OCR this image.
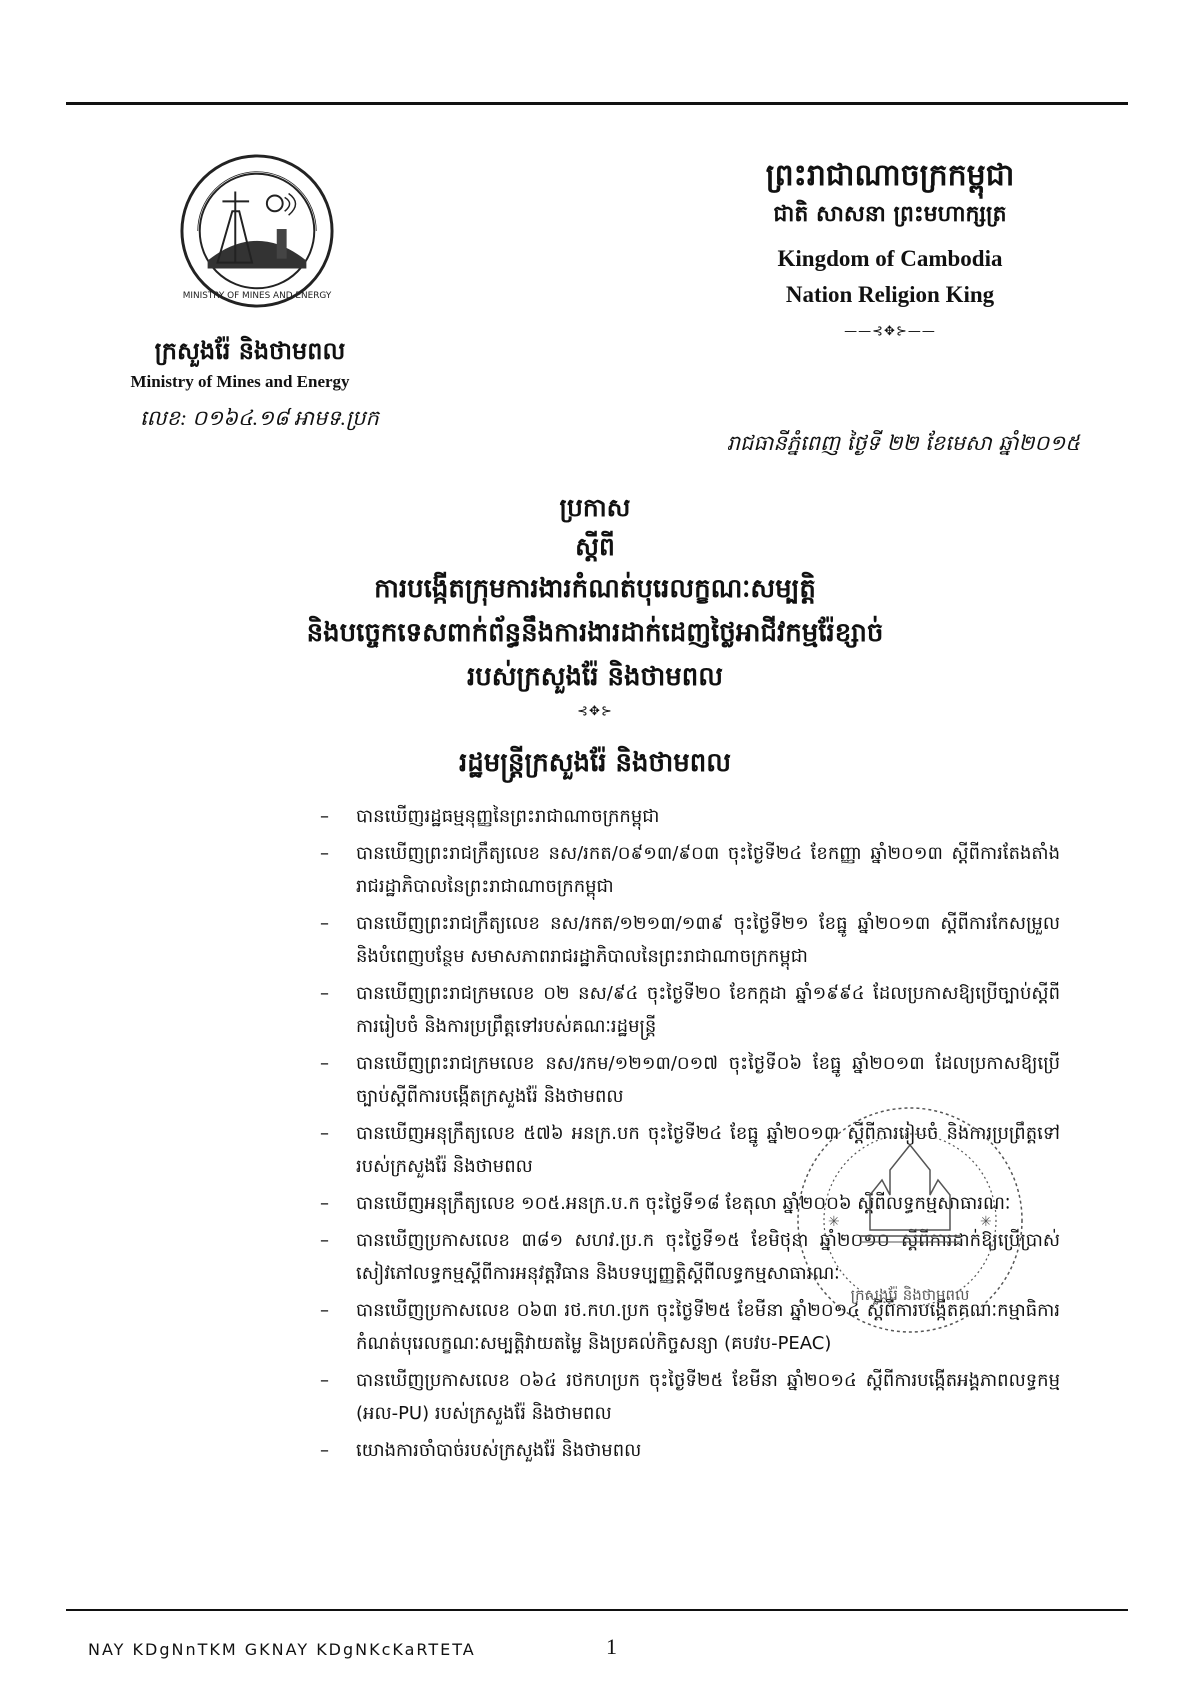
MINISTRY OF MINES AND ENERGY
ក្រសួងរ៉ែ និងថាមពល
Ministry of Mines and Energy
លេខ: ០១៦៤.១៨ អាមទ.ប្រក
ព្រះរាជាណាចក្រកម្ពុជា
ជាតិ សាសនា ព្រះមហាក្សត្រ
Kingdom of Cambodia
Nation Religion King
——⊰✥⊱——
រាជធានីភ្នំពេញ ថ្ងៃទី ២២ ខែមេសា ឆ្នាំ២០១៥
ប្រកាស
ស្តីពី
ការបង្កើតក្រុមការងារកំណត់បុរេលក្ខណៈសម្បត្តិ
និងបច្ចេកទេសពាក់ព័ន្ធនឹងការងារដាក់ដេញថ្លៃអាជីវកម្មរ៉ែខ្សាច់
របស់ក្រសួងរ៉ែ និងថាមពល
⊰✥⊱
រដ្ឋមន្ត្រីក្រសួងរ៉ែ និងថាមពល
– បានឃើញរដ្ឋធម្មនុញ្ញនៃព្រះរាជាណាចក្រកម្ពុជា
– បានឃើញព្រះរាជក្រឹត្យលេខ នស/រកត/០៩១៣/៩០៣ ចុះថ្ងៃទី២៤ ខែកញ្ញា ឆ្នាំ២០១៣ ស្តីពីការតែងតាំងរាជរដ្ឋាភិបាលនៃព្រះរាជាណាចក្រកម្ពុជា
– បានឃើញព្រះរាជក្រឹត្យលេខ នស/រកត/១២១៣/១៣៩ ចុះថ្ងៃទី២១ ខែធ្នូ ឆ្នាំ២០១៣ ស្តីពីការកែសម្រួល និងបំពេញបន្ថែម សមាសភាពរាជរដ្ឋាភិបាលនៃព្រះរាជាណាចក្រកម្ពុជា
– បានឃើញព្រះរាជក្រមលេខ ០២ នស/៩៤ ចុះថ្ងៃទី២០ ខែកក្កដា ឆ្នាំ១៩៩៤ ដែលប្រកាសឱ្យប្រើច្បាប់ស្តីពីការរៀបចំ និងការប្រព្រឹត្តទៅរបស់គណៈរដ្ឋមន្ត្រី
– បានឃើញព្រះរាជក្រមលេខ នស/រកម/១២១៣/០១៧ ចុះថ្ងៃទី០៦ ខែធ្នូ ឆ្នាំ២០១៣ ដែលប្រកាសឱ្យប្រើច្បាប់ស្តីពីការបង្កើតក្រសួងរ៉ែ និងថាមពល
– បានឃើញអនុក្រឹត្យលេខ ៥៧៦ អនក្រ.បក ចុះថ្ងៃទី២៤ ខែធ្នូ ឆ្នាំ២០១៣ ស្តីពីការរៀបចំ និងការប្រព្រឹត្តទៅ របស់ក្រសួងរ៉ែ និងថាមពល
– បានឃើញអនុក្រឹត្យលេខ ១០៥.អនក្រ.ប.ក ចុះថ្ងៃទី១៨ ខែតុលា ឆ្នាំ២០០៦ ស្តីពីលទ្ធកម្មសាធារណៈ
– បានឃើញប្រកាសលេខ ៣៨១ សហវ.ប្រ.ក ចុះថ្ងៃទី១៥ ខែមិថុនា ឆ្នាំ២០១០ ស្តីពីការដាក់ឱ្យប្រើប្រាស់សៀវភៅលទ្ធកម្មស្តីពីការអនុវត្តវិធាន និងបទប្បញ្ញត្តិស្តីពីលទ្ធកម្មសាធារណៈ
– បានឃើញប្រកាសលេខ ០៦៣ រថ.កហ.ប្រក ចុះថ្ងៃទី២៥ ខែមីនា ឆ្នាំ២០១៤ ស្តីពីការបង្កើតគណៈកម្មាធិការកំណត់បុរេលក្ខណៈសម្បត្តិវាយតម្លៃ និងប្រគល់កិច្ចសន្យា (គបវប-PEAC)
– បានឃើញប្រកាសលេខ ០៦៤ រថកហប្រក ចុះថ្ងៃទី២៥ ខែមីនា ឆ្នាំ២០១៤ ស្តីពីការបង្កើតអង្គភាពលទ្ធកម្ម (អល-PU) របស់ក្រសួងរ៉ែ និងថាមពល
– យោងការចាំបាច់របស់ក្រសួងរ៉ែ និងថាមពល
✳	✳
ក្រសួងរ៉ែ និងថាមពល
NAY KDgNnTKM GKNAY KDgNKcKaRTETA	1
